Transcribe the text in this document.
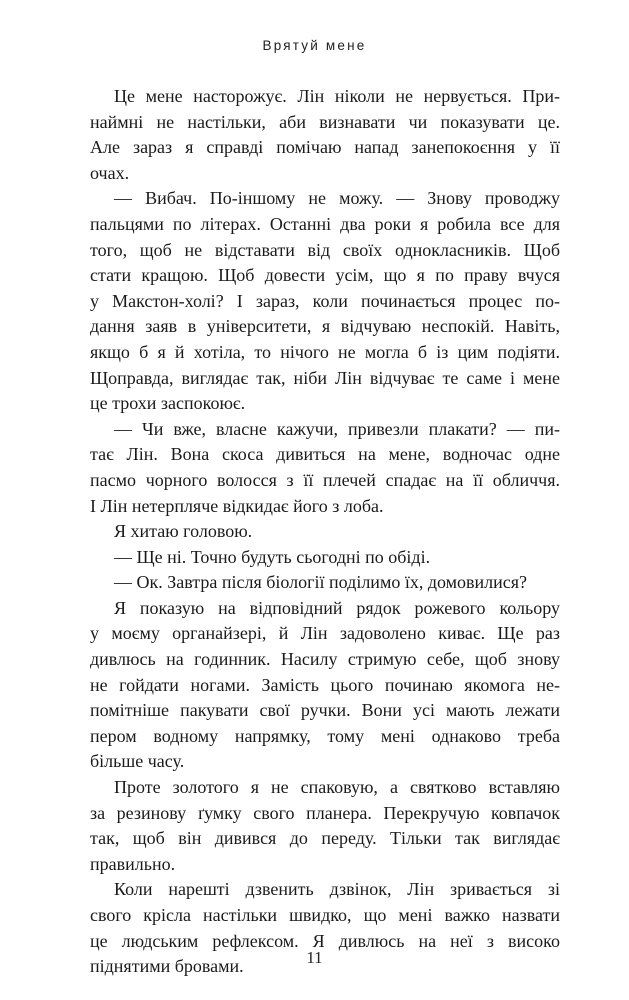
Врятуй мене
Це мене насторожує. Лін ніколи не нервується. При-
наймні не настільки, аби визнавати чи показувати це.
Але зараз я справді помічаю напад занепокоєння у її
очах.
— Вибач. По-іншому не можу. — Знову проводжу
пальцями по літерах. Останні два роки я робила все для
того, щоб не відставати від своїх однокласників. Щоб
стати кращою. Щоб довести усім, що я по праву вчуся
у Макстон-холі? І зараз, коли починається процес по-
дання заяв в університети, я відчуваю неспокій. Навіть,
якщо б я й хотіла, то нічого не могла б із цим подіяти.
Щоправда, виглядає так, ніби Лін відчуває те саме і мене
це трохи заспокоює.
— Чи вже, власне кажучи, привезли плакати? — пи-
тає Лін. Вона скоса дивиться на мене, водночас одне
пасмо чорного волосся з її плечей спадає на її обличчя.
І Лін нетерпляче відкидає його з лоба.
Я хитаю головою.
— Ще ні. Точно будуть сьогодні по обіді.
— Ок. Завтра після біології поділимо їх, домовилися?
Я показую на відповідний рядок рожевого кольору
у моєму органайзері, й Лін задоволено киває. Ще раз
дивлюсь на годинник. Насилу стримую себе, щоб знову
не гойдати ногами. Замість цього починаю якомога не-
помітніше пакувати свої ручки. Вони усі мають лежати
пером водному напрямку, тому мені однаково треба
більше часу.
Проте золотого я не спаковую, а святково вставляю
за резинову ґумку свого планера. Перекручую ковпачок
так, щоб він дивився до переду. Тільки так виглядає
правильно.
Коли нарешті дзвенить дзвінок, Лін зривається зі
свого крісла настільки швидко, що мені важко назвати
це людським рефлексом. Я дивлюсь на неї з високо
піднятими бровами.	11
